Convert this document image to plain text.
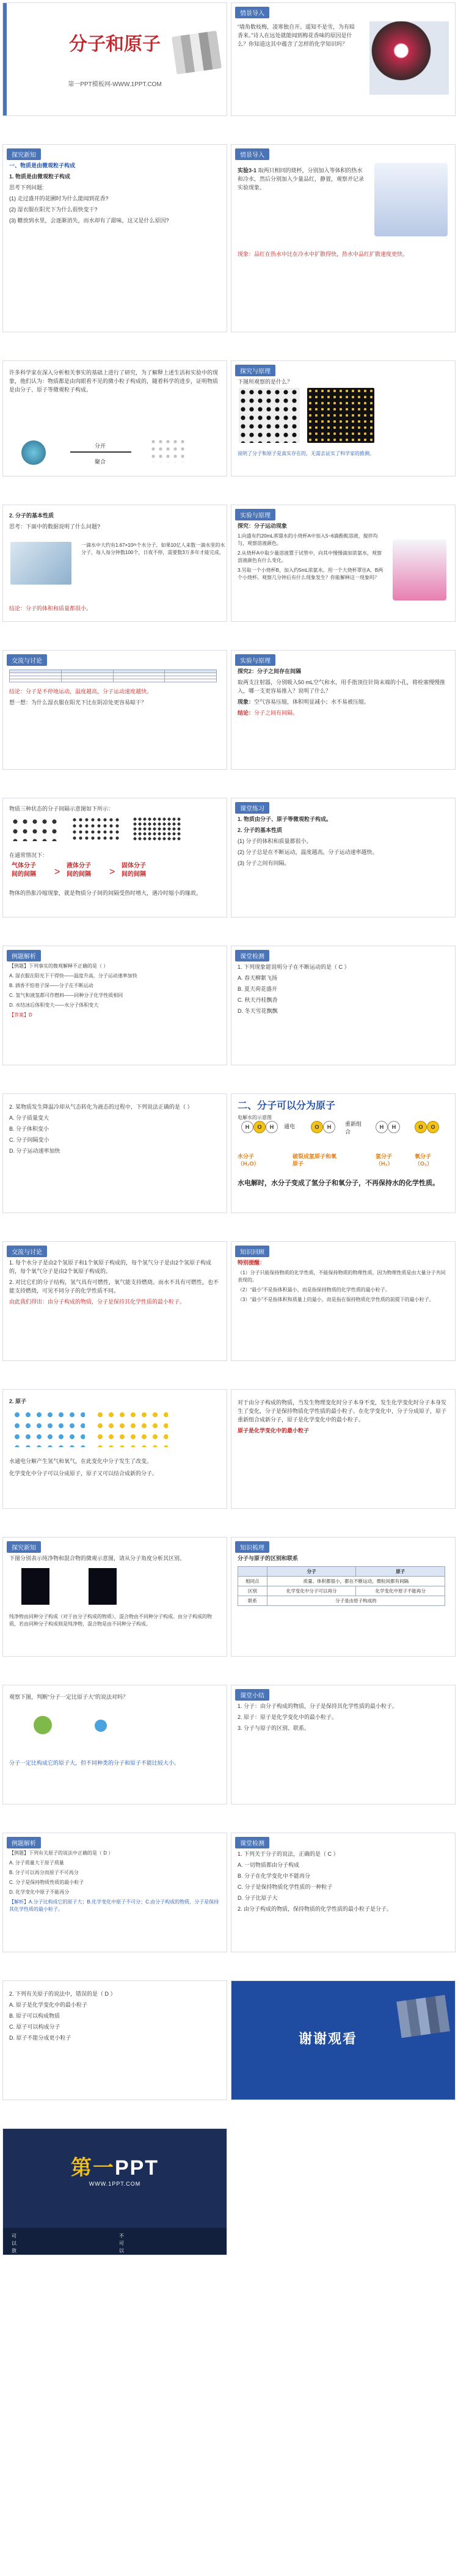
分子和原子
第一PPT模板网-WWW.1PPT.COM
探究新知
一、物质是由微观粒子构成
1. 物质是由微观粒子构成
思考下列问题:
(1) 走过盛开的花圃时为什么能闻到花香?
(2) 湿衣服在阳光下为什么很快变干?
(3) 糖放到水里，会逐渐消失，而水却有了甜味，这又是什么原因?
许多科学家在深入分析相关事实的基础上进行了研究，为了解释上述生活和实验中的现象，他们认为：物质都是由肉眼看不见的微小粒子构成的，随着科学的进步，证明物质是由分子、原子等微观粒子构成。
分开
聚合
2. 分子的基本性质
思考：下面中的数据说明了什么问题?
一滴水中大约有1.67×10²¹个水分子，如果10亿人来数一滴水里的水分子，每人每分钟数100个，日夜不停，需要数3万多年才能完成。
结论：分子的体积和质量都很小。
交流与讨论

结论：分子是不停地运动，温度越高，分子运动速度越快。
想一想：为什么湿衣服在阳光下比在阴凉处更容易晾干？
物质三种状态的分子间隔示意图如下所示：
在通常情况下：
气体分子
间的间隔 >
液体分子
间的间隔 >
固体分子
间的间隔
物体的热胀冷缩现象，就是物质分子间的间隔受热时增大，遇冷时缩小的缘故。
例题解析
【例题】下列事实的微观解释不正确的是（ ）
A. 湿衣服在阳光下干得快——温度升高，分子运动速率加快
B. 酒香不怕巷子深——分子在不断运动
C. 氢气和液氢都可作燃料——同种分子化学性质相同
D. 水结冰后体积变大——水分子体积变大
【答案】D
2. 某物质发生降温冷却从气态转化为液态的过程中，下列说法正确的是（ ）
A. 分子质量变大
B. 分子体积变小
C. 分子间隔变小
D. 分子运动速率加快
交流与讨论
1. 每个水分子是由2个氢原子和1个氧原子构成的，每个氢气分子是由2个氢原子构成的，每个氧气分子是由2个氧原子构成的。
2. 对比它们的分子结构，氢气具有可燃性，氧气能支持燃烧。而水不具有可燃性，也不能支持燃烧，可见不同分子的化学性质不同。
由此我们得出：由分子构成的物质，分子是保持其化学性质的最小粒子。
2. 原子
水通电分解产生氢气和氧气，在此变化中分子发生了改变。
化学变化中分子可以分成原子，原子又可以结合成新的分子。
探究新知
下图分别表示纯净物和混合物的微观示意图，请从分子角度分析其区别。
纯净物由同种分子构成（对于由分子构成的物质），混合物由不同种分子构成。由分子构成的物质，若由同种分子构成则是纯净物，混合物是由不同种分子构成。
观察下图，判断“分子一定比原子大”的说法对吗？
分子一定比构成它的原子大，但不同种类的分子和原子不能比较大小。
例题解析
【例题】下列有关原子的说法中正确的是（ D ）
A. 分子质量大于原子质量
B. 分子可以再分而原子不可再分
C. 分子是保持物质性质的最小粒子
D. 化学变化中原子不能再分
【解析】A.分子比构成它的原子大；B.化学变化中原子不可分；C.由分子构成的物质，分子是保持其化学性质的最小粒子。
2. 下列有关原子的说法中，错误的是（ D ）
A. 原子是化学变化中的最小粒子
B. 原子可以构成物质
C. 原子可以构成分子
D. 原子不能分成更小粒子
第一PPT
WWW.1PPT.COM
可以放下您的联系方式
不可以放下您的联系方式
情景导入
“墙角数枝梅，凌寒独自开。遥知不是雪，为有暗香来。”诗人在远处就能闻到梅花香味的原因是什么？你知道这其中蕴含了怎样的化学知识吗？
情景导入
实验3-1 取两只相同的烧杯，分别加入等体积的热水和冷水，然后分别加入少量品红，静置，观察并记录实验现象。
现象：品红在热水中比在冷水中扩散得快，热水中品红扩散速度更快。
探究与原理
下图所观察的是什么？
说明了分子和原子是真实存在的，无需去证实了科学家的推测。
实验与原理
探究：分子运动现象
1.向盛有约20mL蒸馏水的小烧杯A中加入5~6滴酚酞溶液，搅拌均匀，观察溶液颜色。
2.从烧杯A中取少量溶液置于试管中，向其中慢慢滴加浓氨水，观察溶液颜色有什么变化。
3.另取一个小烧杯B，加入约5mL浓氨水。用一个大烧杯罩住A、B两个小烧杯。观察几分钟后有什么现象发生？你能解释这一现象吗？
实验与原理
探究2：分子之间存在间隔
取两支注射器，分别吸入50 mL空气和水，用手指顶住针筒末端的小孔，将栓塞慢慢推入，哪一支更容易推入？说明了什么？
现象：空气容易压缩，体积明显减小；水不易被压缩。
结论：分子之间有间隔。
课堂练习
1. 物质由分子、原子等微观粒子构成。
2. 分子的基本性质
(1) 分子的体积和质量都很小。
(2) 分子总是在不断运动，温度越高，分子运动速率越快。
(3) 分子之间有间隔。
课堂检测
1. 下列现象能说明分子在不断运动的是（ C ）
A. 春天柳絮飞扬
B. 夏天荷花盛开
C. 秋天丹桂飘香
D. 冬天雪花飘飘
二、分子可以分为原子
电解水的示意图
H O H	通电	O H	重新组合
H H	O O
水分子
（H₂O）
破裂成氢原子和氧原子
氢分子
（H₂）
氧分子
（O₂）
水电解时，水分子变成了氢分子和氧分子，不再保持水的化学性质。
知识回顾
特别提醒：
（1）分子只能保持物质的化学性质，不能保持物质的物理性质，因为物理性质是由大量分子共同表现的。
（2）“最小”不是指体积最小，而是指保持物质的化学性质的最小粒子。
（3）“最小”不是指体积和质量上的最小，而是指在保持物质化学性质的前提下的最小粒子。
对于由分子构成的物质，当发生物理变化时分子本身不变，发生化学变化时分子本身发生了变化，分子是保持物质化学性质的最小粒子。在化学变化中，分子分成原子，原子重新组合成新分子，原子是化学变化中的最小粒子。
原子是化学变化中的最小粒子
知识梳理
分子与原子的区别和联系
	分子	原子
相同点	质量、体积都很小，都在不断运动，微粒间都有间隔	
区别	化学变化中分子可以再分	化学变化中原子不能再分
联系	分子是由原子构成的	
课堂小结
1. 分子：由分子构成的物质，分子是保持其化学性质的最小粒子。
2. 原子：原子是化学变化中的最小粒子。
3. 分子与原子的区别、联系。
课堂检测
1. 下列关于分子的说法，正确的是（ C ）
A. 一切物质都由分子构成
B. 分子在化学变化中不能再分
C. 分子是保持物质化学性质的一种粒子
D. 分子比原子大
2. 由分子构成的物质，保持物质的化学性质的最小粒子是分子。
谢谢观看
